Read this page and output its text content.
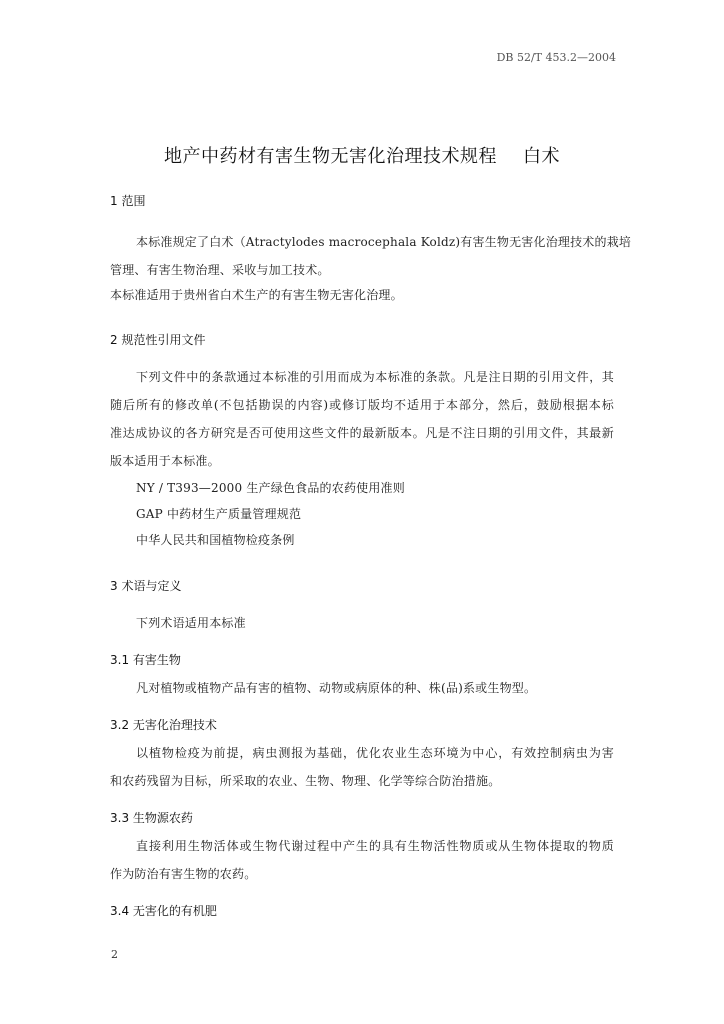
DB 52/T 453.2—2004
地产中药材有害生物无害化治理技术规程 白术
1 范围
本标准规定了白术（Atractylodes macrocephala Koldz)有害生物无害化治理技术的栽培
管理、有害生物治理、采收与加工技术。
本标准适用于贵州省白术生产的有害生物无害化治理。
2 规范性引用文件
下列文件中的条款通过本标准的引用而成为本标准的条款。凡是注日期的引用文件，其
随后所有的修改单(不包括勘误的内容)或修订版均不适用于本部分，然后，鼓励根据本标
准达成协议的各方研究是否可使用这些文件的最新版本。凡是不注日期的引用文件，其最新
版本适用于本标准。
NY / T393—2000 生产绿色食品的农药使用准则
GAP 中药材生产质量管理规范
中华人民共和国植物检疫条例
3 术语与定义
下列术语适用本标准
3.1 有害生物
凡对植物或植物产品有害的植物、动物或病原体的种、株(品)系或生物型。
3.2 无害化治理技术
以植物检疫为前提，病虫测报为基础，优化农业生态环境为中心，有效控制病虫为害
和农药残留为目标，所采取的农业、生物、物理、化学等综合防治措施。
3.3 生物源农药
直接利用生物活体或生物代谢过程中产生的具有生物活性物质或从生物体提取的物质
作为防治有害生物的农药。
3.4 无害化的有机肥
2
